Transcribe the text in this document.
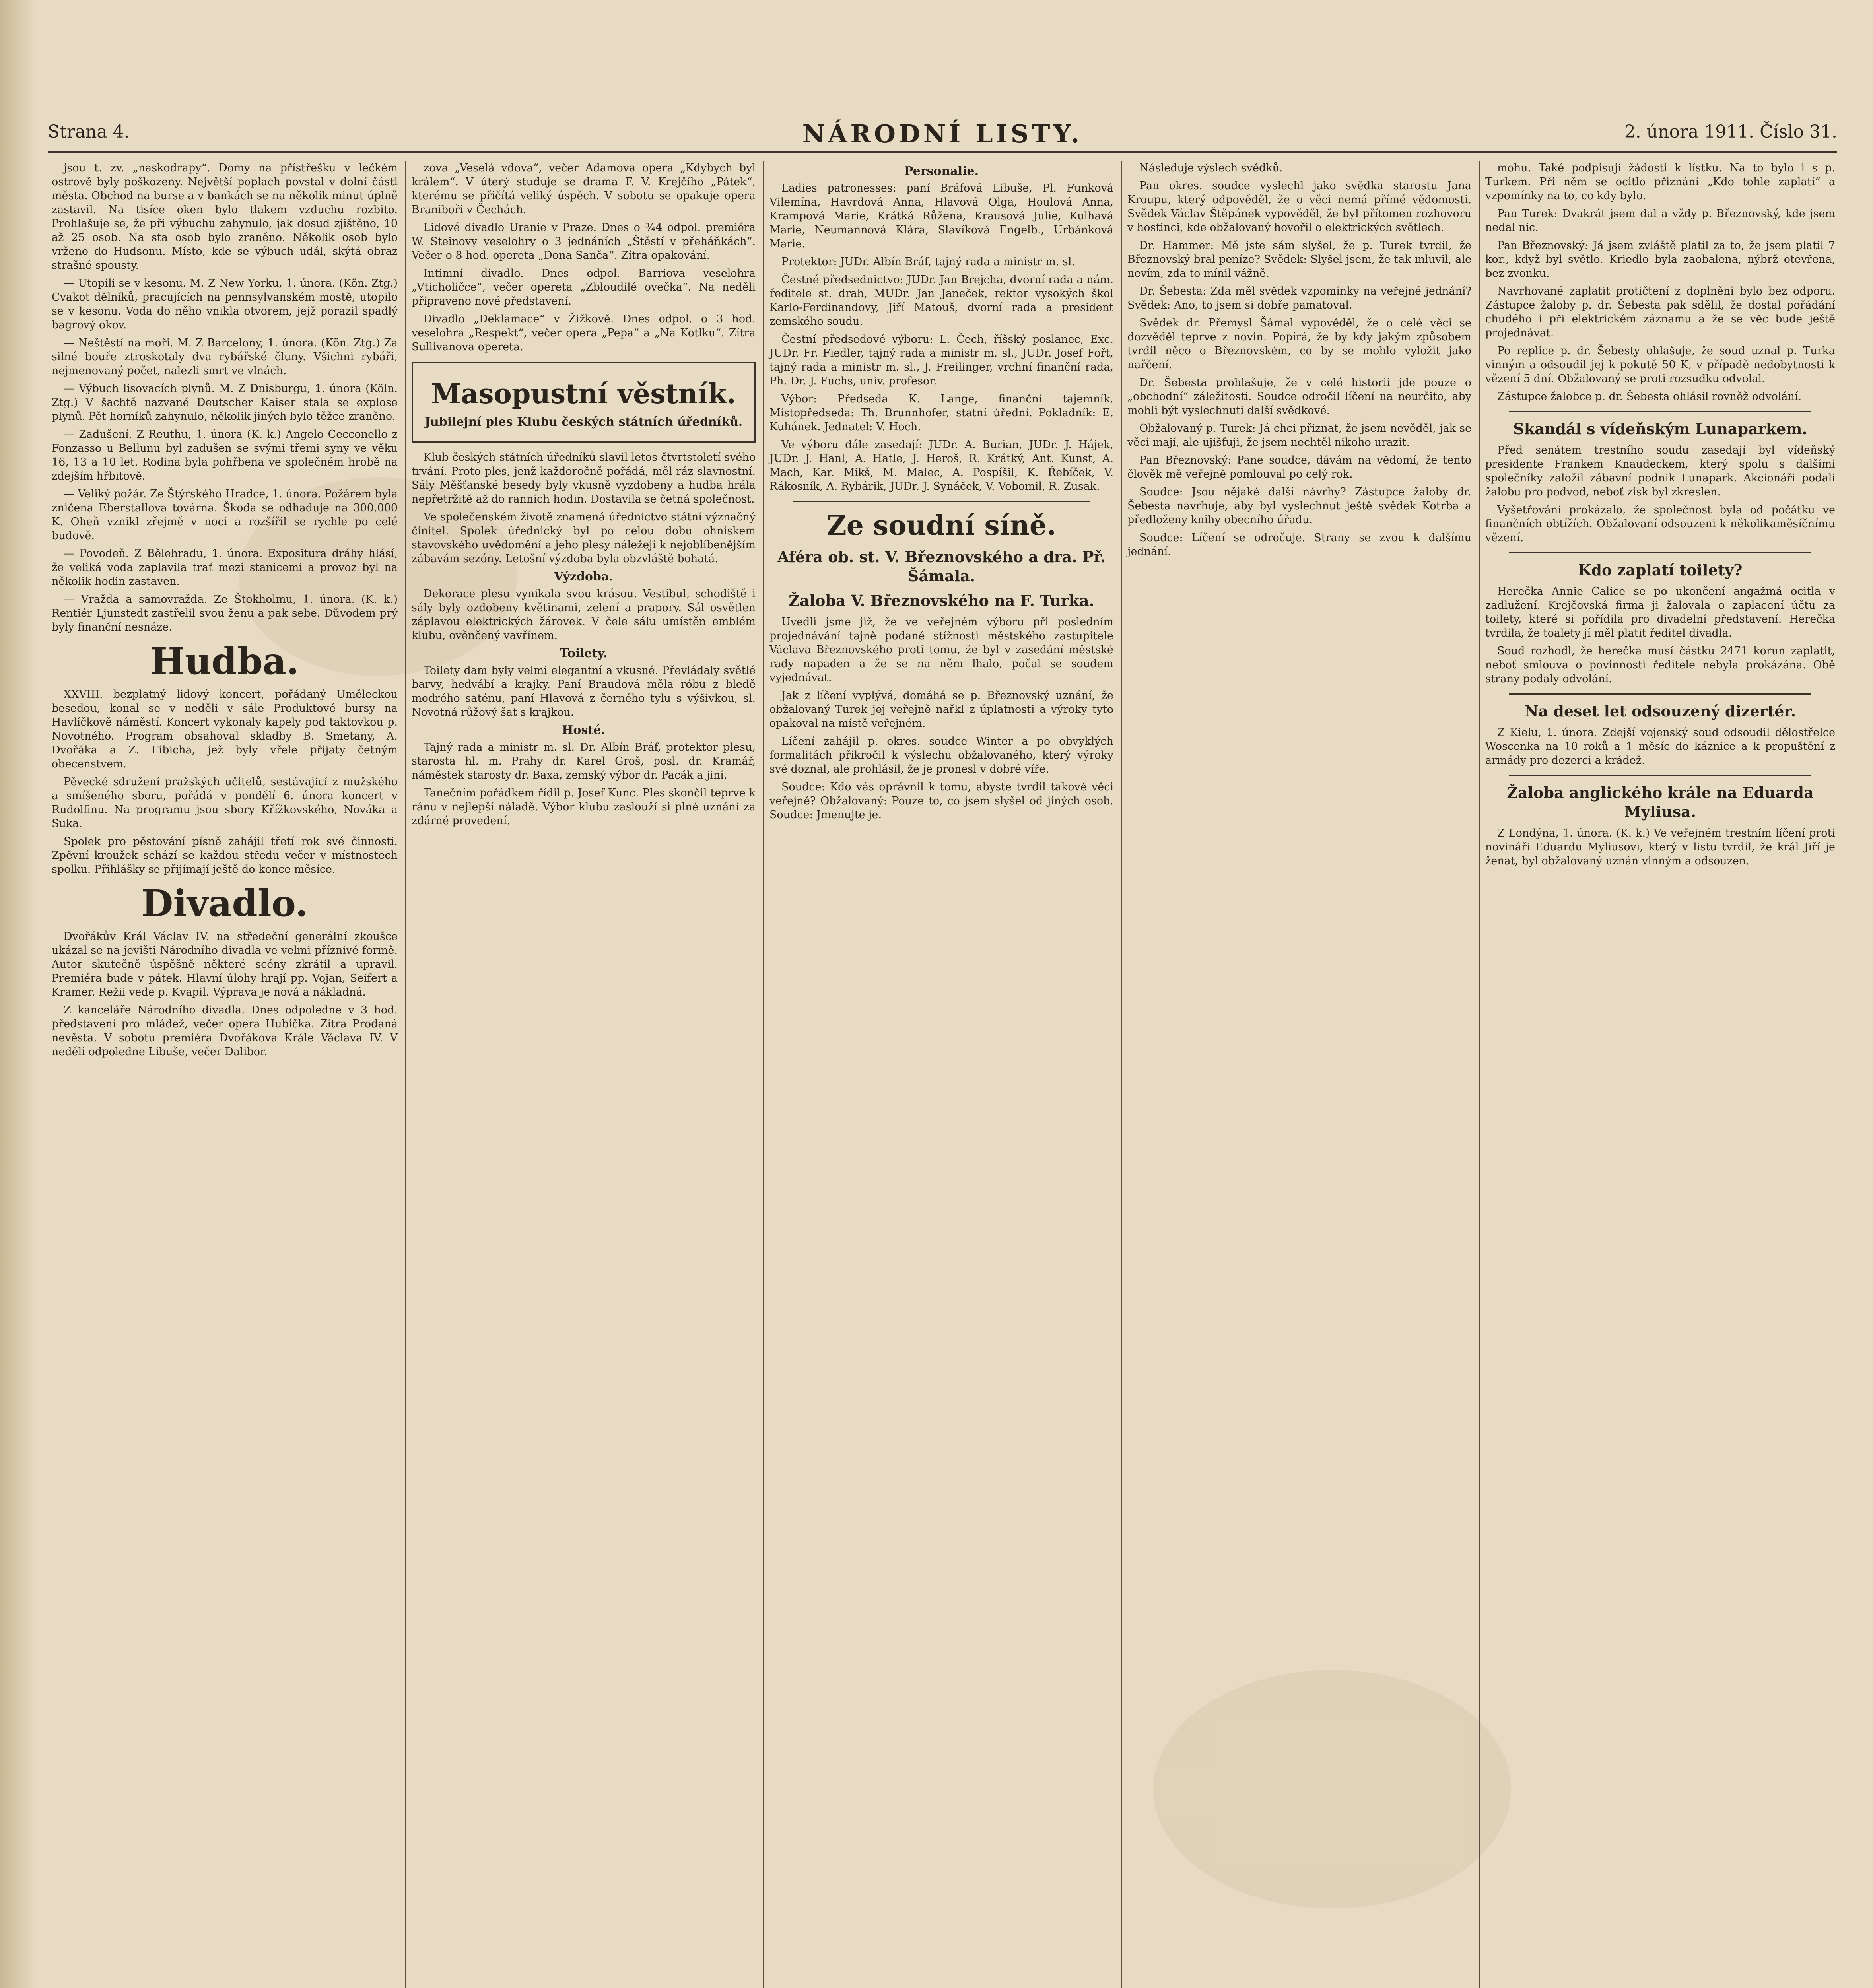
Strana 4.	NÁRODNÍ LISTY.	2. února 1911. Číslo 31.

jsou t. zv. „naskodrapy“. Domy na přístřešku v lečkém ostrově byly poškozeny. Největší poplach povstal v dolní části města. Obchod na burse a v bankách se na několik minut úplně zastavil. Na tisíce oken bylo tlakem vzduchu rozbito. Prohlašuje se, že při výbuchu zahynulo, jak dosud zjištěno, 10 až 25 osob. Na sta osob bylo zraněno. Několik osob bylo vrženo do Hudsonu. Místo, kde se výbuch udál, skýtá obraz strašné spousty.

— Utopili se v kesonu. M. Z New Yorku, 1. února. (Kön. Ztg.) Cvakot dělníků, pracujících na pennsylvanském mostě, utopilo se v kesonu. Voda do něho vnikla otvorem, jejž porazil spadlý bagrový okov.

— Neštěstí na moři. M. Z Barcelony, 1. února. (Kön. Ztg.) Za silné bouře ztroskotaly dva rybářské čluny. Všichni rybáři, nejmenovaný počet, nalezli smrt ve vlnách.

— Výbuch lisovacích plynů. M. Z Dnisburgu, 1. února (Köln. Ztg.) V šachtě nazvané Deutscher Kaiser stala se explose plynů. Pět horníků zahynulo, několik jiných bylo těžce zraněno.

— Zadušení. Z Reuthu, 1. února (K. k.) Angelo Cecconello z Fonzasso u Bellunu byl zadušen se svými třemi syny ve věku 16, 13 a 10 let. Rodina byla pohřbena ve společném hrobě na zdejším hřbitově.

— Veliký požár. Ze Štýrského Hradce, 1. února. Požárem byla zničena Eberstallova továrna. Škoda se odhaduje na 300.000 K. Oheň vznikl zřejmě v noci a rozšířil se rychle po celé budově.

— Povodeň. Z Bělehradu, 1. února. Expositura dráhy hlásí, že veliká voda zaplavila trať mezi stanicemi a provoz byl na několik hodin zastaven.

— Vražda a samovražda. Ze Štokholmu, 1. února. (K. k.) Rentiér Ljunstedt zastřelil svou ženu a pak sebe. Důvodem prý byly finanční nesnáze.

Hudba.

XXVIII. bezplatný lidový koncert, pořádaný Uměleckou besedou, konal se v neděli v sále Produktové bursy na Havlíčkově náměstí. Koncert vykonaly kapely pod taktovkou p. Novotného. Program obsahoval skladby B. Smetany, A. Dvořáka a Z. Fibicha, jež byly vřele přijaty četným obecenstvem.

Pěvecké sdružení pražských učitelů, sestávající z mužského a smíšeného sboru, pořádá v pondělí 6. února koncert v Rudolfinu. Na programu jsou sbory Křížkovského, Nováka a Suka.

Spolek pro pěstování písně zahájil třetí rok své činnosti. Zpěvní kroužek schází se každou středu večer v místnostech spolku. Přihlášky se přijímají ještě do konce měsíce.

Divadlo.

Dvořákův Král Václav IV. na středeční generální zkoušce ukázal se na jevišti Národního divadla ve velmi příznivé formě. Autor skutečně úspěšně některé scény zkrátil a upravil. Premiéra bude v pátek. Hlavní úlohy hrají pp. Vojan, Seifert a Kramer. Režii vede p. Kvapil. Výprava je nová a nákladná.

Z kanceláře Národního divadla. Dnes odpoledne v 3 hod. představení pro mládež, večer opera Hubička. Zítra Prodaná nevěsta. V sobotu premiéra Dvořákova Krále Václava IV. V neděli odpoledne Libuše, večer Dalibor.

zova „Veselá vdova“, večer Adamova opera „Kdybych byl králem“. V úterý studuje se drama F. V. Krejčího „Pátek“, kterému se přičítá veliký úspěch. V sobotu se opakuje opera Braniboři v Čechách.

Lidové divadlo Uranie v Praze. Dnes o ¾4 odpol. premiéra W. Steinovy veselohry o 3 jednáních „Štěstí v přeháňkách“. Večer o 8 hod. opereta „Dona Sanča“. Zítra opakování.

Intimní divadlo. Dnes odpol. Barriova veselohra „Vticholičce“, večer opereta „Zbloudilé ovečka“. Na neděli připraveno nové představení.

Divadlo „Deklamace“ v Žižkově. Dnes odpol. o 3 hod. veselohra „Respekt“, večer opera „Pepa“ a „Na Kotlku“. Zítra Sullivanova opereta.

Masopustní věstník.
Jubilejní ples Klubu českých státních úředníků.

Klub českých státních úředníků slavil letos čtvrtstoletí svého trvání. Proto ples, jenž každoročně pořádá, měl ráz slavnostní. Sály Měšťanské besedy byly vkusně vyzdobeny a hudba hrála nepřetržitě až do ranních hodin. Dostavila se četná společnost.

Ve společenském životě znamená úřednictvo státní význačný činitel. Spolek úřednický byl po celou dobu ohniskem stavovského uvědomění a jeho plesy náležejí k nejoblíbenějším zábavám sezóny. Letošní výzdoba byla obzvláště bohatá.

Výzdoba.

Dekorace plesu vynikala svou krásou. Vestibul, schodiště i sály byly ozdobeny květinami, zelení a prapory. Sál osvětlen záplavou elektrických žárovek. V čele sálu umístěn emblém klubu, ověnčený vavřínem.

Toilety.

Toilety dam byly velmi elegantní a vkusné. Převládaly světlé barvy, hedvábí a krajky. Paní Braudová měla róbu z bledě modrého saténu, paní Hlavová z černého tylu s výšivkou, sl. Novotná růžový šat s krajkou.

Hosté.

Tajný rada a ministr m. sl. Dr. Albín Bráf, protektor plesu, starosta hl. m. Prahy dr. Karel Groš, posl. dr. Kramář, náměstek starosty dr. Baxa, zemský výbor dr. Pacák a jiní.

Tanečním pořádkem řídil p. Josef Kunc. Ples skončil teprve k ránu v nejlepší náladě. Výbor klubu zaslouží si plné uznání za zdárné provedení.

Personalie.

Ladies patronesses: paní Bráfová Libuše, Pl. Funková Vilemína, Havrdová Anna, Hlavová Olga, Houlová Anna, Krampová Marie, Krátká Růžena, Krausová Julie, Kulhavá Marie, Neumannová Klára, Slavíková Engelb., Urbánková Marie.

Protektor: JUDr. Albín Bráf, tajný rada a ministr m. sl.

Čestné předsednictvo: JUDr. Jan Brejcha, dvorní rada a nám. ředitele st. drah, MUDr. Jan Janeček, rektor vysokých škol Karlo-Ferdinandovy, Jiří Matouš, dvorní rada a president zemského soudu.

Čestní předsedové výboru: L. Čech, říšský poslanec, Exc. JUDr. Fr. Fiedler, tajný rada a ministr m. sl., JUDr. Josef Fořt, tajný rada a ministr m. sl., J. Freilinger, vrchní finanční rada, Ph. Dr. J. Fuchs, univ. profesor.

Výbor: Předseda K. Lange, finanční tajemník. Místopředseda: Th. Brunnhofer, statní úřední. Pokladník: E. Kuhánek. Jednatel: V. Hoch.

Ve výboru dále zasedají: JUDr. A. Burian, JUDr. J. Hájek, JUDr. J. Hanl, A. Hatle, J. Heroš, R. Krátký, Ant. Kunst, A. Mach, Kar. Mikš, M. Malec, A. Pospíšil, K. Řebíček, V. Rákosník, A. Rybárik, JUDr. J. Synáček, V. Vobomil, R. Zusak.

Ze soudní síně.
Aféra ob. st. V. Březnovského a dra. Př. Šámala.
Žaloba V. Březnovského na F. Turka.

Uvedli jsme již, že ve veřejném výboru při posledním projednávání tajně podané stížnosti městského zastupitele Václava Březnovského proti tomu, že byl v zasedání městské rady napaden a že se na něm lhalo, počal se soudem vyjednávat.

Jak z líčení vyplývá, domáhá se p. Březnovský uznání, že obžalovaný Turek jej veřejně nařkl z úplatnosti a výroky tyto opakoval na místě veřejném.

Líčení zahájil p. okres. soudce Winter a po obvyklých formalitách přikročil k výslechu obžalovaného, který výroky své doznal, ale prohlásil, že je pronesl v dobré víře.

Soudce: Kdo vás oprávnil k tomu, abyste tvrdil takové věci veřejně? Obžalovaný: Pouze to, co jsem slyšel od jiných osob. Soudce: Jmenujte je.

Následuje výslech svědků.

Pan okres. soudce vyslechl jako svědka starostu Jana Kroupu, který odpověděl, že o věci nemá přímé vědomosti. Svědek Václav Štěpánek vypověděl, že byl přítomen rozhovoru v hostinci, kde obžalovaný hovořil o elektrických světlech.

Dr. Hammer: Mě jste sám slyšel, že p. Turek tvrdil, že Březnovský bral peníze? Svědek: Slyšel jsem, že tak mluvil, ale nevím, zda to mínil vážně.

Dr. Šebesta: Zda měl svědek vzpomínky na veřejné jednání? Svědek: Ano, to jsem si dobře pamatoval.

Svědek dr. Přemysl Šámal vypověděl, že o celé věci se dozvěděl teprve z novin. Popírá, že by kdy jakým způsobem tvrdil něco o Březnovském, co by se mohlo vyložit jako nařčení.

Dr. Šebesta prohlašuje, že v celé historii jde pouze o „obchodní“ záležitosti. Soudce odročil líčení na neurčito, aby mohli být vyslechnuti další svědkové.

Obžalovaný p. Turek: Já chci přiznat, že jsem nevěděl, jak se věci mají, ale ujišťuji, že jsem nechtěl nikoho urazit.

Pan Březnovský: Pane soudce, dávám na vědomí, že tento člověk mě veřejně pomlouval po celý rok.

Soudce: Jsou nějaké další návrhy? Zástupce žaloby dr. Šebesta navrhuje, aby byl vyslechnut ještě svědek Kotrba a předloženy knihy obecního úřadu.

Soudce: Líčení se odročuje. Strany se zvou k dalšímu jednání.

mohu. Také podpisují žádosti k lístku. Na to bylo i s p. Turkem. Při něm se ocitlo přiznání „Kdo tohle zaplatí“ a vzpomínky na to, co kdy bylo.

Pan Turek: Dvakrát jsem dal a vždy p. Březnovský, kde jsem nedal nic.

Pan Březnovský: Já jsem zvláště platil za to, že jsem platil 7 kor., když byl světlo. Kriedlo byla zaobalena, nýbrž otevřena, bez zvonku.

Navrhované zaplatit protičtení z doplnění bylo bez odporu. Zástupce žaloby p. dr. Šebesta pak sdělil, že dostal pořádání chudého i při elektrickém záznamu a že se věc bude ještě projednávat.

Po replice p. dr. Šebesty ohlašuje, že soud uznal p. Turka vinným a odsoudil jej k pokutě 50 K, v případě nedobytnosti k vězení 5 dní. Obžalovaný se proti rozsudku odvolal.

Zástupce žalobce p. dr. Šebesta ohlásil rovněž odvolání.

Skandál s vídeňským Lunaparkem.

Před senátem trestního soudu zasedají byl vídeňský presidente Frankem Knaudeckem, který spolu s dalšími společníky založil zábavní podnik Lunapark. Akcionáři podali žalobu pro podvod, neboť zisk byl zkreslen.

Vyšetřování prokázalo, že společnost byla od počátku ve finančních obtížích. Obžalovaní odsouzeni k několikaměsíčnímu vězení.

Kdo zaplatí toilety?

Herečka Annie Calice se po ukončení angažmá ocitla v zadlužení. Krejčovská firma ji žalovala o zaplacení účtu za toilety, které si pořídila pro divadelní představení. Herečka tvrdila, že toalety jí měl platit ředitel divadla.

Soud rozhodl, že herečka musí částku 2471 korun zaplatit, neboť smlouva o povinnosti ředitele nebyla prokázána. Obě strany podaly odvolání.

Na deset let odsouzený dizertér.

Z Kielu, 1. února. Zdejší vojenský soud odsoudil dělostřelce Woscenka na 10 roků a 1 měsíc do káznice a k propuštění z armády pro dezerci a krádež.

Žaloba anglického krále na Eduarda Myliusa.

Z Londýna, 1. února. (K. k.) Ve veřejném trestním líčení proti novináři Eduardu Myliusovi, který v listu tvrdil, že král Jiří je ženat, byl obžalovaný uznán vinným a odsouzen.
